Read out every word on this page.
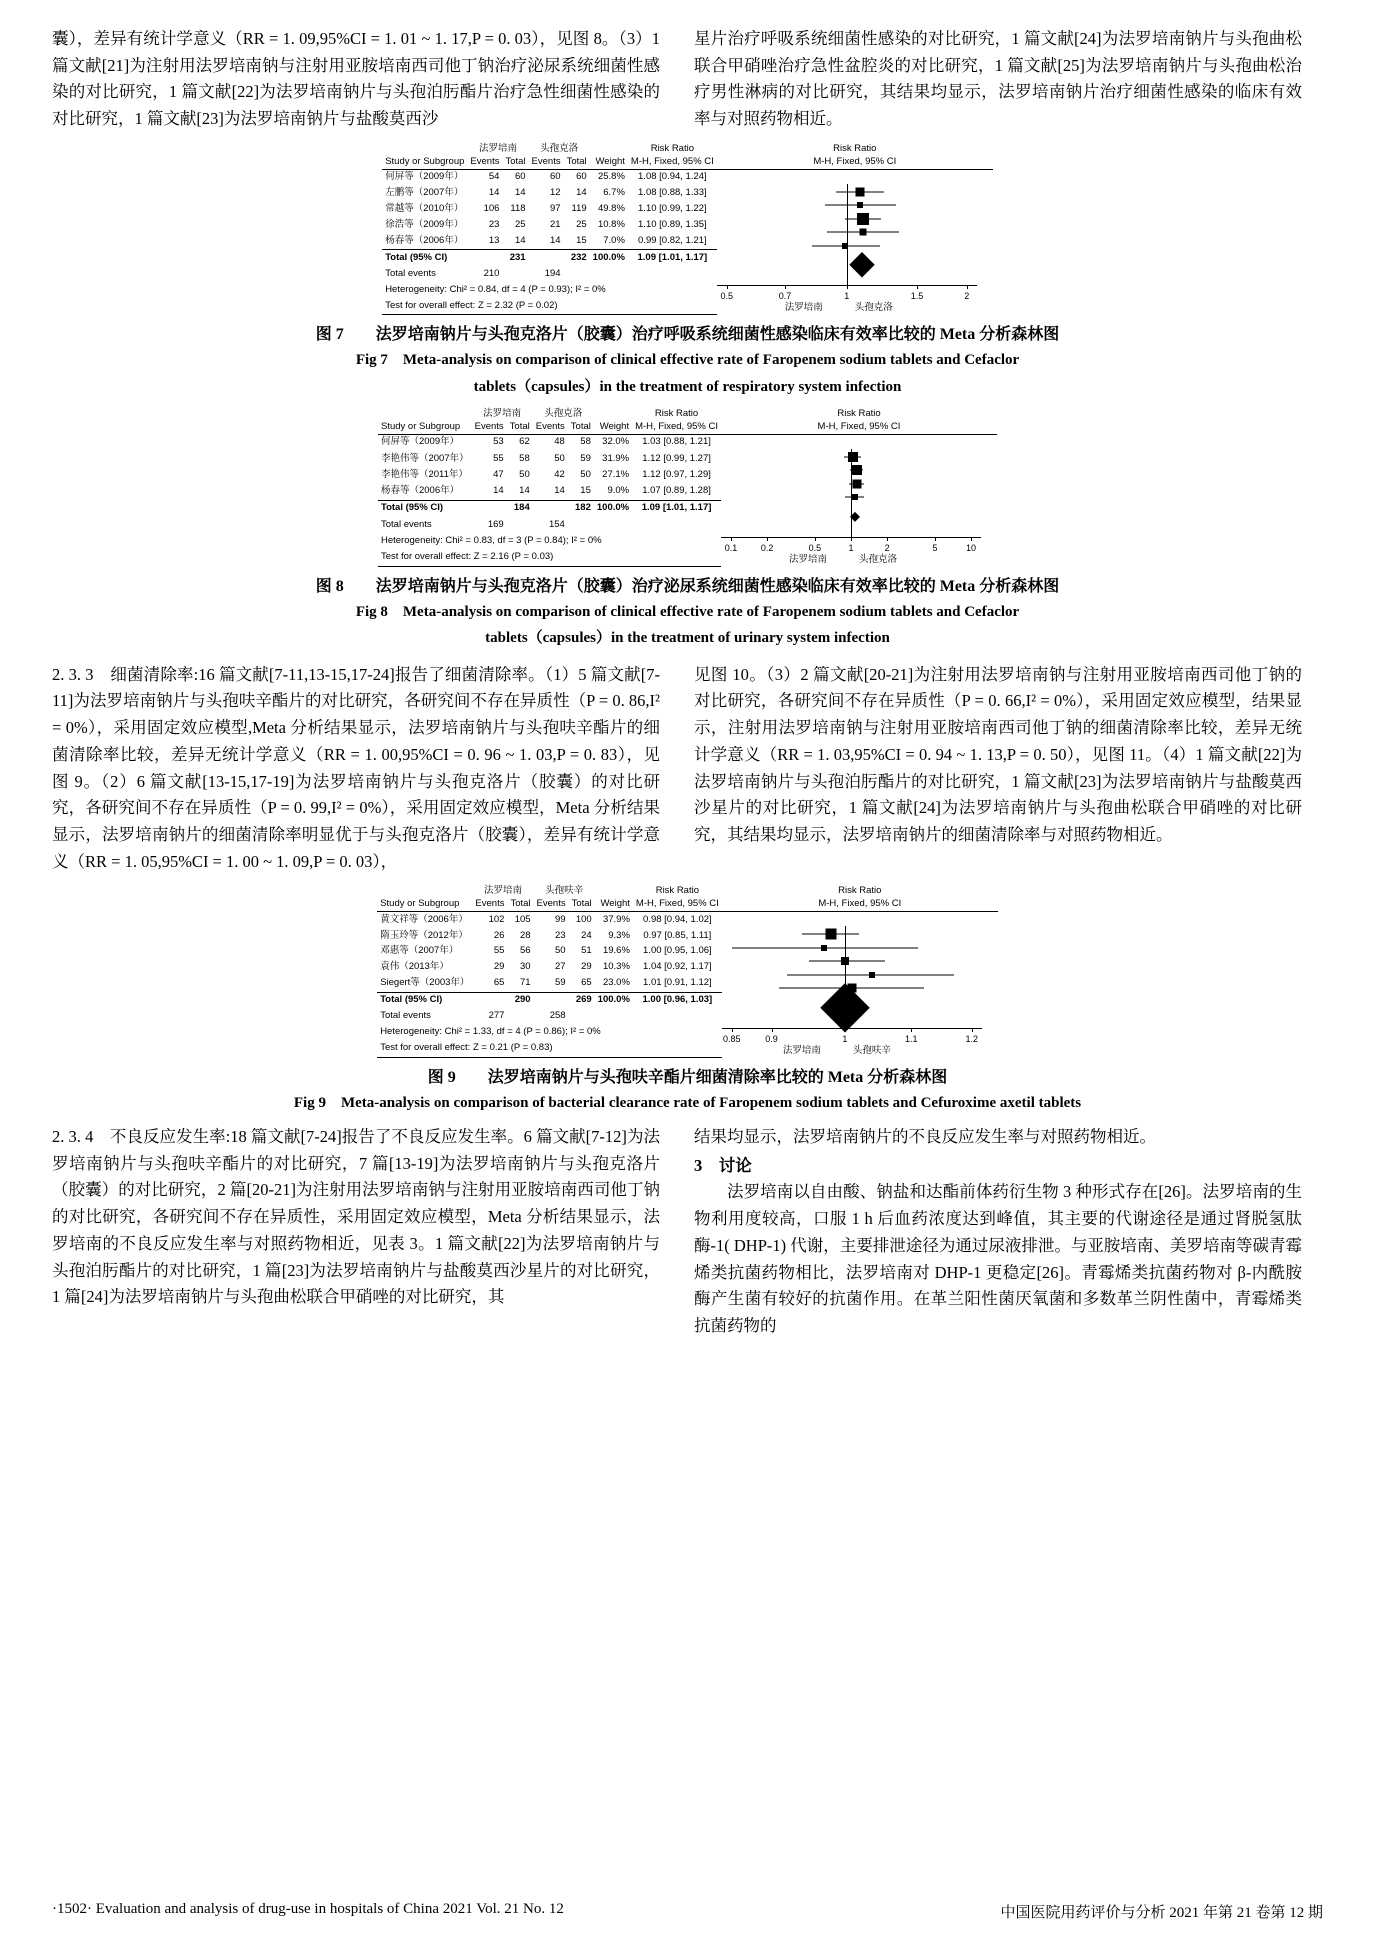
囊），差异有统计学意义（RR = 1. 09,95%CI = 1. 01 ~ 1. 17,P = 0. 03），见图 8。（3）1 篇文献[21]为注射用法罗培南钠与注射用亚胺培南西司他丁钠治疗泌尿系统细菌性感染的对比研究，1 篇文献[22]为法罗培南钠片与头孢泊肟酯片治疗急性细菌性感染的对比研究，1 篇文献[23]为法罗培南钠片与盐酸莫西沙

星片治疗呼吸系统细菌性感染的对比研究，1 篇文献[24]为法罗培南钠片与头孢曲松联合甲硝唑治疗急性盆腔炎的对比研究，1 篇文献[25]为法罗培南钠片与头孢曲松治疗男性淋病的对比研究，其结果均显示，法罗培南钠片治疗细菌性感染的临床有效率与对照药物相近。

	法罗培南		头孢克洛			Risk Ratio	Risk Ratio
Study or Subgroup	Events	Total	Events	Total	Weight	M-H, Fixed, 95% CI	M-H, Fixed, 95% CI
何屏等（2009年）	54	60	60	60	25.8%	1.08 [0.94, 1.24]	
0.5	0.7	1	1.5	2
法罗培南	头孢克洛

左鹏等（2007年）	14	14	12	14	6.7%	1.08 [0.88, 1.33]	
常越等（2010年）	106	118	97	119	49.8%	1.10 [0.99, 1.22]	
徐浩等（2009年）	23	25	21	25	10.8%	1.10 [0.89, 1.35]	
杨春等（2006年）	13	14	14	15	7.0%	0.99 [0.82, 1.21]	
Total (95% CI)		231		232	100.0%	1.09 [1.01, 1.17]	
Total events	210		194				
Heterogeneity: Chi² = 0.84, df = 4 (P = 0.93); I² = 0%							
Test for overall effect: Z = 2.32 (P = 0.02)							

图 7　　法罗培南钠片与头孢克洛片（胶囊）治疗呼吸系统细菌性感染临床有效率比较的 Meta 分析森林图
Fig 7　Meta-analysis on comparison of clinical effective rate of Faropenem sodium tablets and Cefaclor
tablets（capsules）in the treatment of respiratory system infection
	法罗培南		头孢克洛			Risk Ratio	Risk Ratio
Study or Subgroup	Events	Total	Events	Total	Weight	M-H, Fixed, 95% CI	M-H, Fixed, 95% CI
何屏等（2009年）	53	62	48	58	32.0%	1.03 [0.88, 1.21]	
0.1	0.2	0.5	1	2	5	10
法罗培南	头孢克洛

李艳伟等（2007年）	55	58	50	59	31.9%	1.12 [0.99, 1.27]	
李艳伟等（2011年）	47	50	42	50	27.1%	1.12 [0.97, 1.29]	
杨春等（2006年）	14	14	14	15	9.0%	1.07 [0.89, 1.28]	
Total (95% CI)		184		182	100.0%	1.09 [1.01, 1.17]	
Total events	169		154				
Heterogeneity: Chi² = 0.83, df = 3 (P = 0.84); I² = 0%							
Test for overall effect: Z = 2.16 (P = 0.03)							

图 8　　法罗培南钠片与头孢克洛片（胶囊）治疗泌尿系统细菌性感染临床有效率比较的 Meta 分析森林图
Fig 8　Meta-analysis on comparison of clinical effective rate of Faropenem sodium tablets and Cefaclor
tablets（capsules）in the treatment of urinary system infection

2. 3. 3　细菌清除率:16 篇文献[7-11,13-15,17-24]报告了细菌清除率。（1）5 篇文献[7-11]为法罗培南钠片与头孢呋辛酯片的对比研究，各研究间不存在异质性（P = 0. 86,I² = 0%），采用固定效应模型,Meta 分析结果显示，法罗培南钠片与头孢呋辛酯片的细菌清除率比较，差异无统计学意义（RR = 1. 00,95%CI = 0. 96 ~ 1. 03,P = 0. 83），见图 9。（2）6 篇文献[13-15,17-19]为法罗培南钠片与头孢克洛片（胶囊）的对比研究，各研究间不存在异质性（P = 0. 99,I² = 0%），采用固定效应模型，Meta 分析结果显示，法罗培南钠片的细菌清除率明显优于与头孢克洛片（胶囊），差异有统计学意义（RR = 1. 05,95%CI = 1. 00 ~ 1. 09,P = 0. 03），

见图 10。（3）2 篇文献[20-21]为注射用法罗培南钠与注射用亚胺培南西司他丁钠的对比研究，各研究间不存在异质性（P = 0. 66,I² = 0%），采用固定效应模型，结果显示，注射用法罗培南钠与注射用亚胺培南西司他丁钠的细菌清除率比较，差异无统计学意义（RR = 1. 03,95%CI = 0. 94 ~ 1. 13,P = 0. 50），见图 11。（4）1 篇文献[22]为法罗培南钠片与头孢泊肟酯片的对比研究，1 篇文献[23]为法罗培南钠片与盐酸莫西沙星片的对比研究，1 篇文献[24]为法罗培南钠片与头孢曲松联合甲硝唑的对比研究，其结果均显示，法罗培南钠片的细菌清除率与对照药物相近。

	法罗培南		头孢呋辛			Risk Ratio	Risk Ratio
Study or Subgroup	Events	Total	Events	Total	Weight	M-H, Fixed, 95% CI	M-H, Fixed, 95% CI
黄文祥等（2006年）	102	105	99	100	37.9%	0.98 [0.94, 1.02]	
0.85	0.9	1	1.1	1.2
法罗培南	头孢呋辛

隋玉玲等（2012年）	26	28	23	24	9.3%	0.97 [0.85, 1.11]	
邓惠等（2007年）	55	56	50	51	19.6%	1.00 [0.95, 1.06]	
袁伟（2013年）	29	30	27	29	10.3%	1.04 [0.92, 1.17]	
Siegert等（2003年）	65	71	59	65	23.0%	1.01 [0.91, 1.12]	
Total (95% CI)		290		269	100.0%	1.00 [0.96, 1.03]	
Total events	277		258				
Heterogeneity: Chi² = 1.33, df = 4 (P = 0.86); I² = 0%							
Test for overall effect: Z = 0.21 (P = 0.83)							

图 9　　法罗培南钠片与头孢呋辛酯片细菌清除率比较的 Meta 分析森林图
Fig 9　Meta-analysis on comparison of bacterial clearance rate of Faropenem sodium tablets and Cefuroxime axetil tablets

2. 3. 4　不良反应发生率:18 篇文献[7-24]报告了不良反应发生率。6 篇文献[7-12]为法罗培南钠片与头孢呋辛酯片的对比研究，7 篇[13-19]为法罗培南钠片与头孢克洛片（胶囊）的对比研究，2 篇[20-21]为注射用法罗培南钠与注射用亚胺培南西司他丁钠的对比研究，各研究间不存在异质性，采用固定效应模型，Meta 分析结果显示，法罗培南的不良反应发生率与对照药物相近，见表 3。1 篇文献[22]为法罗培南钠片与头孢泊肟酯片的对比研究，1 篇[23]为法罗培南钠片与盐酸莫西沙星片的对比研究，1 篇[24]为法罗培南钠片与头孢曲松联合甲硝唑的对比研究，其

结果均显示，法罗培南钠片的不良反应发生率与对照药物相近。

3　讨论

法罗培南以自由酸、钠盐和达酯前体药衍生物 3 种形式存在[26]。法罗培南的生物利用度较高，口服 1 h 后血药浓度达到峰值，其主要的代谢途径是通过肾脱氢肽酶-1( DHP-1) 代谢，主要排泄途径为通过尿液排泄。与亚胺培南、美罗培南等碳青霉烯类抗菌药物相比，法罗培南对 DHP-1 更稳定[26]。青霉烯类抗菌药物对 β-内酰胺酶产生菌有较好的抗菌作用。在革兰阳性菌厌氧菌和多数革兰阴性菌中，青霉烯类抗菌药物的

·1502· Evaluation and analysis of drug-use in hospitals of China 2021 Vol. 21 No. 12	中国医院用药评价与分析 2021 年第 21 卷第 12 期
